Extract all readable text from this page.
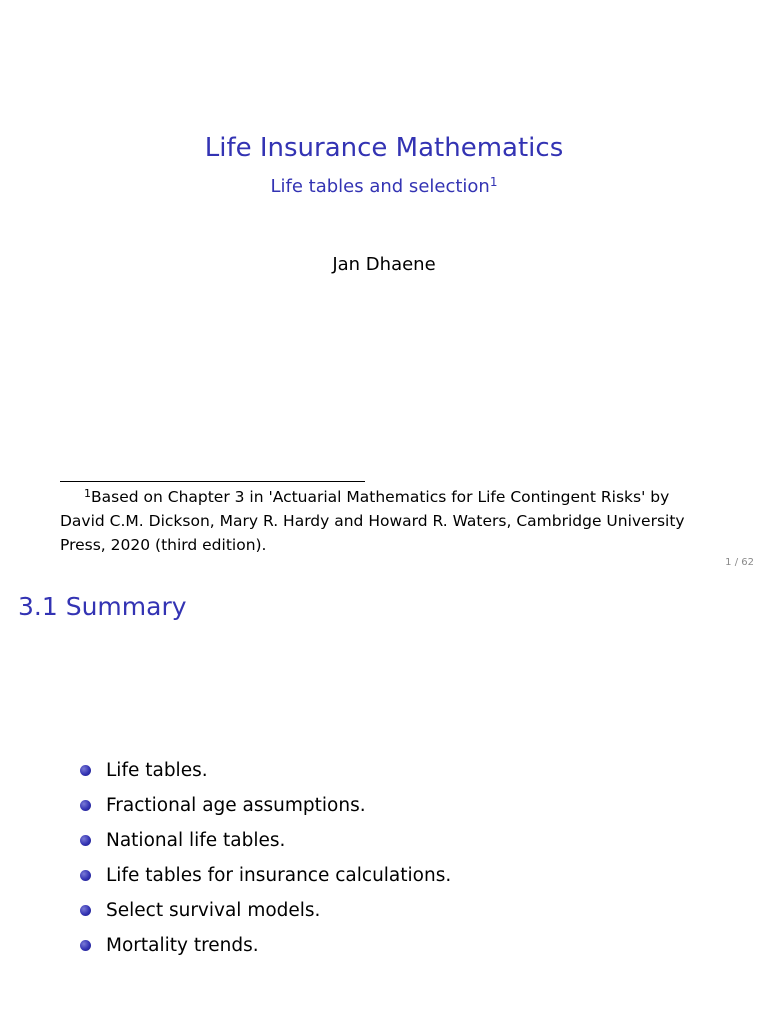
Life Insurance Mathematics
Life tables and selection$^1$
Jan Dhaene
$^1$Based on Chapter 3 in 'Actuarial Mathematics for Life Contingent Risks' by David C.M. Dickson, Mary R. Hardy and Howard R. Waters, Cambridge University Press, 2020 (third edition).
1 / 62
3.1 Summary
Life tables.
Fractional age assumptions.
National life tables.
Life tables for insurance calculations.
Select survival models.
Mortality trends.
